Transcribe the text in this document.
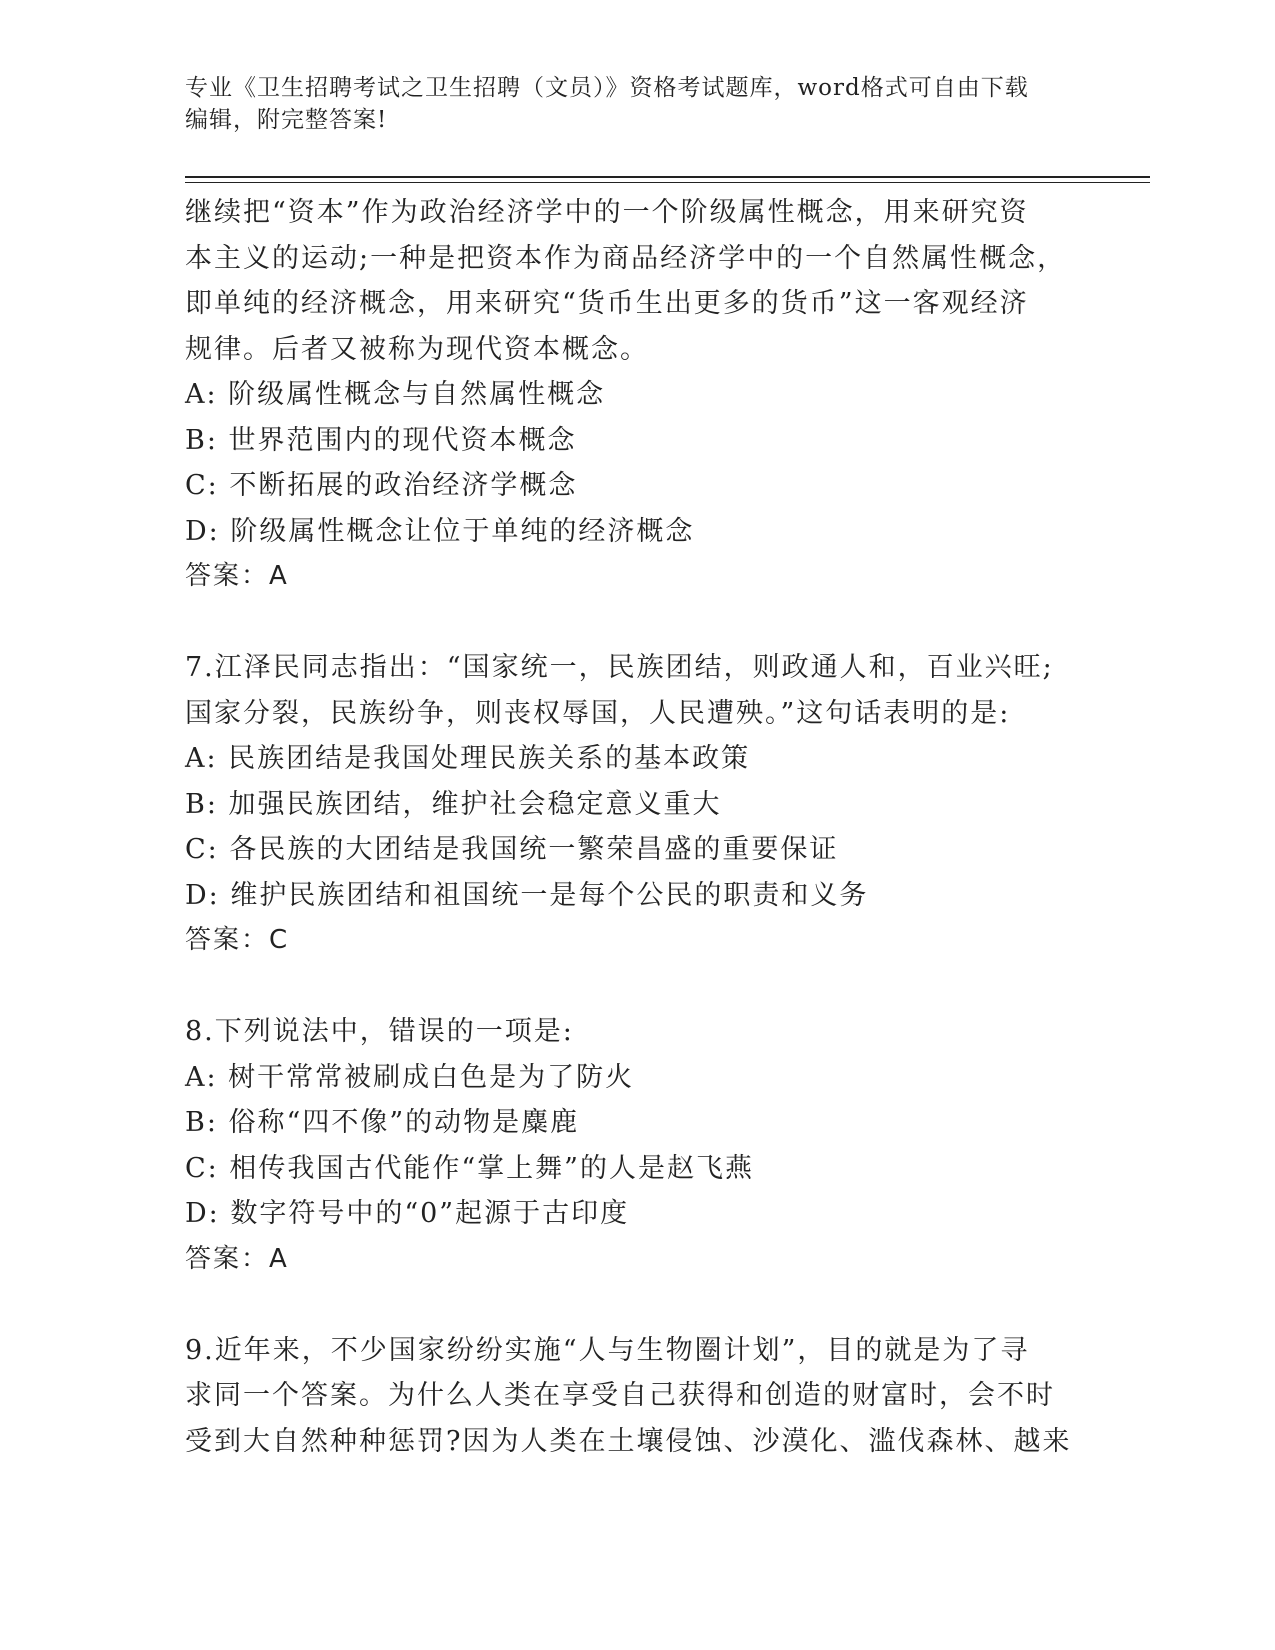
专业《卫生招聘考试之卫生招聘（文员）》资格考试题库，word格式可自由下载
编辑，附完整答案!
继续把“资本”作为政治经济学中的一个阶级属性概念，用来研究资
本主义的运动;一种是把资本作为商品经济学中的一个自然属性概念，
即单纯的经济概念，用来研究“货币生出更多的货币”这一客观经济
规律。后者又被称为现代资本概念。
A: 阶级属性概念与自然属性概念
B: 世界范围内的现代资本概念
C: 不断拓展的政治经济学概念
D: 阶级属性概念让位于单纯的经济概念
答案：A
7.江泽民同志指出：“国家统一，民族团结，则政通人和，百业兴旺;
国家分裂，民族纷争，则丧权辱国，人民遭殃。”这句话表明的是:
A: 民族团结是我国处理民族关系的基本政策
B: 加强民族团结，维护社会稳定意义重大
C: 各民族的大团结是我国统一繁荣昌盛的重要保证
D: 维护民族团结和祖国统一是每个公民的职责和义务
答案：C
8.下列说法中，错误的一项是:
A: 树干常常被刷成白色是为了防火
B: 俗称“四不像”的动物是麋鹿
C: 相传我国古代能作“掌上舞”的人是赵飞燕
D: 数字符号中的“0”起源于古印度
答案：A
9.近年来，不少国家纷纷实施“人与生物圈计划”，目的就是为了寻
求同一个答案。为什么人类在享受自己获得和创造的财富时，会不时
受到大自然种种惩罚?因为人类在土壤侵蚀、沙漠化、滥伐森林、越来
